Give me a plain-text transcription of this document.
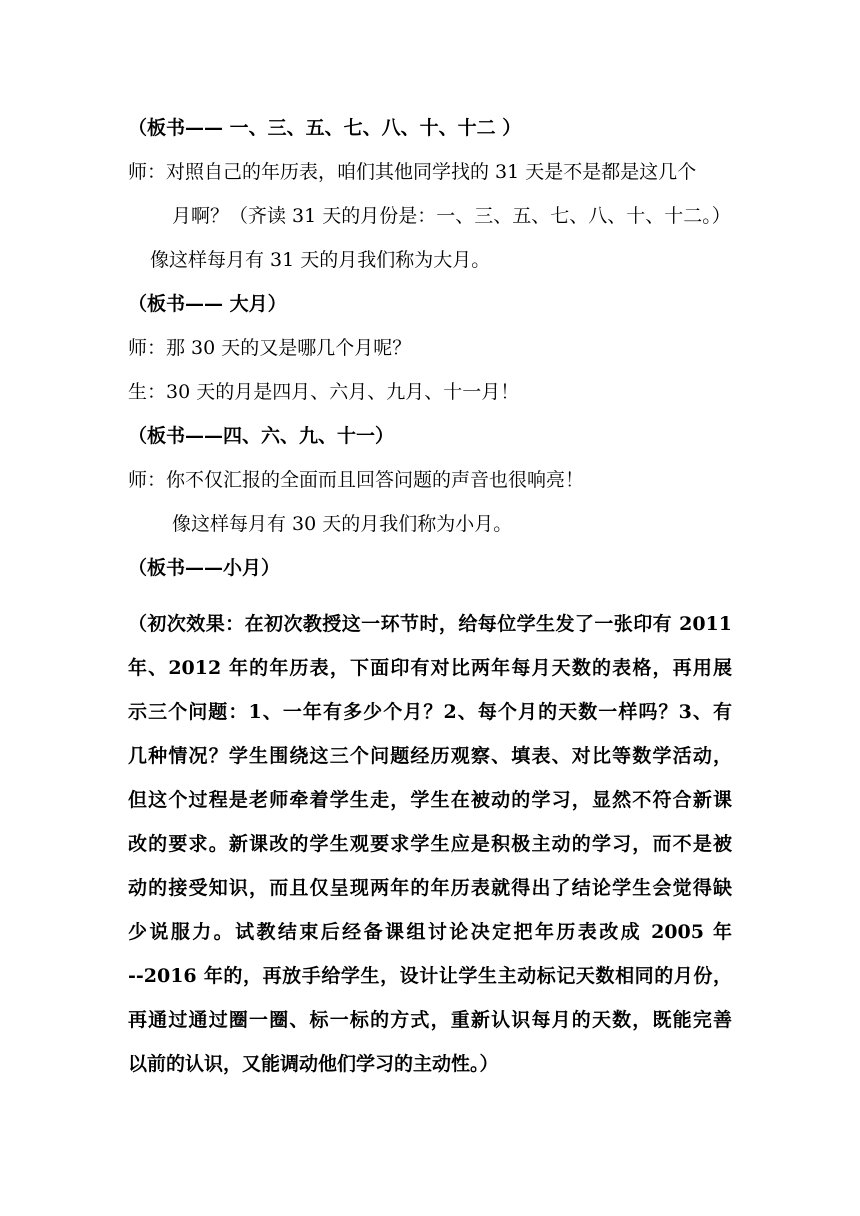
（板书—— 一、三、五、七、八、十、十二 ）
师：对照自己的年历表，咱们其他同学找的 31 天是不是都是这几个
月啊？（齐读 31 天的月份是：一、三、五、七、八、十、十二。）
像这样每月有 31 天的月我们称为大月。
（板书—— 大月）
师：那 30 天的又是哪几个月呢？
生：30 天的月是四月、六月、九月、十一月！
（板书——四、六、九、十一）
师：你不仅汇报的全面而且回答问题的声音也很响亮！
像这样每月有 30 天的月我们称为小月。
（板书——小月）
（初次效果：在初次教授这一环节时，给每位学生发了一张印有 2011
年、2012 年的年历表，下面印有对比两年每月天数的表格，再用展
示三个问题：1、一年有多少个月？2、每个月的天数一样吗？3、有
几种情况？学生围绕这三个问题经历观察、填表、对比等数学活动，
但这个过程是老师牵着学生走，学生在被动的学习，显然不符合新课
改的要求。新课改的学生观要求学生应是积极主动的学习，而不是被
动的接受知识，而且仅呈现两年的年历表就得出了结论学生会觉得缺
少说服力。试教结束后经备课组讨论决定把年历表改成 2005 年
--2016 年的，再放手给学生，设计让学生主动标记天数相同的月份，
再通过通过圈一圈、标一标的方式，重新认识每月的天数，既能完善
以前的认识，又能调动他们学习的主动性。）
